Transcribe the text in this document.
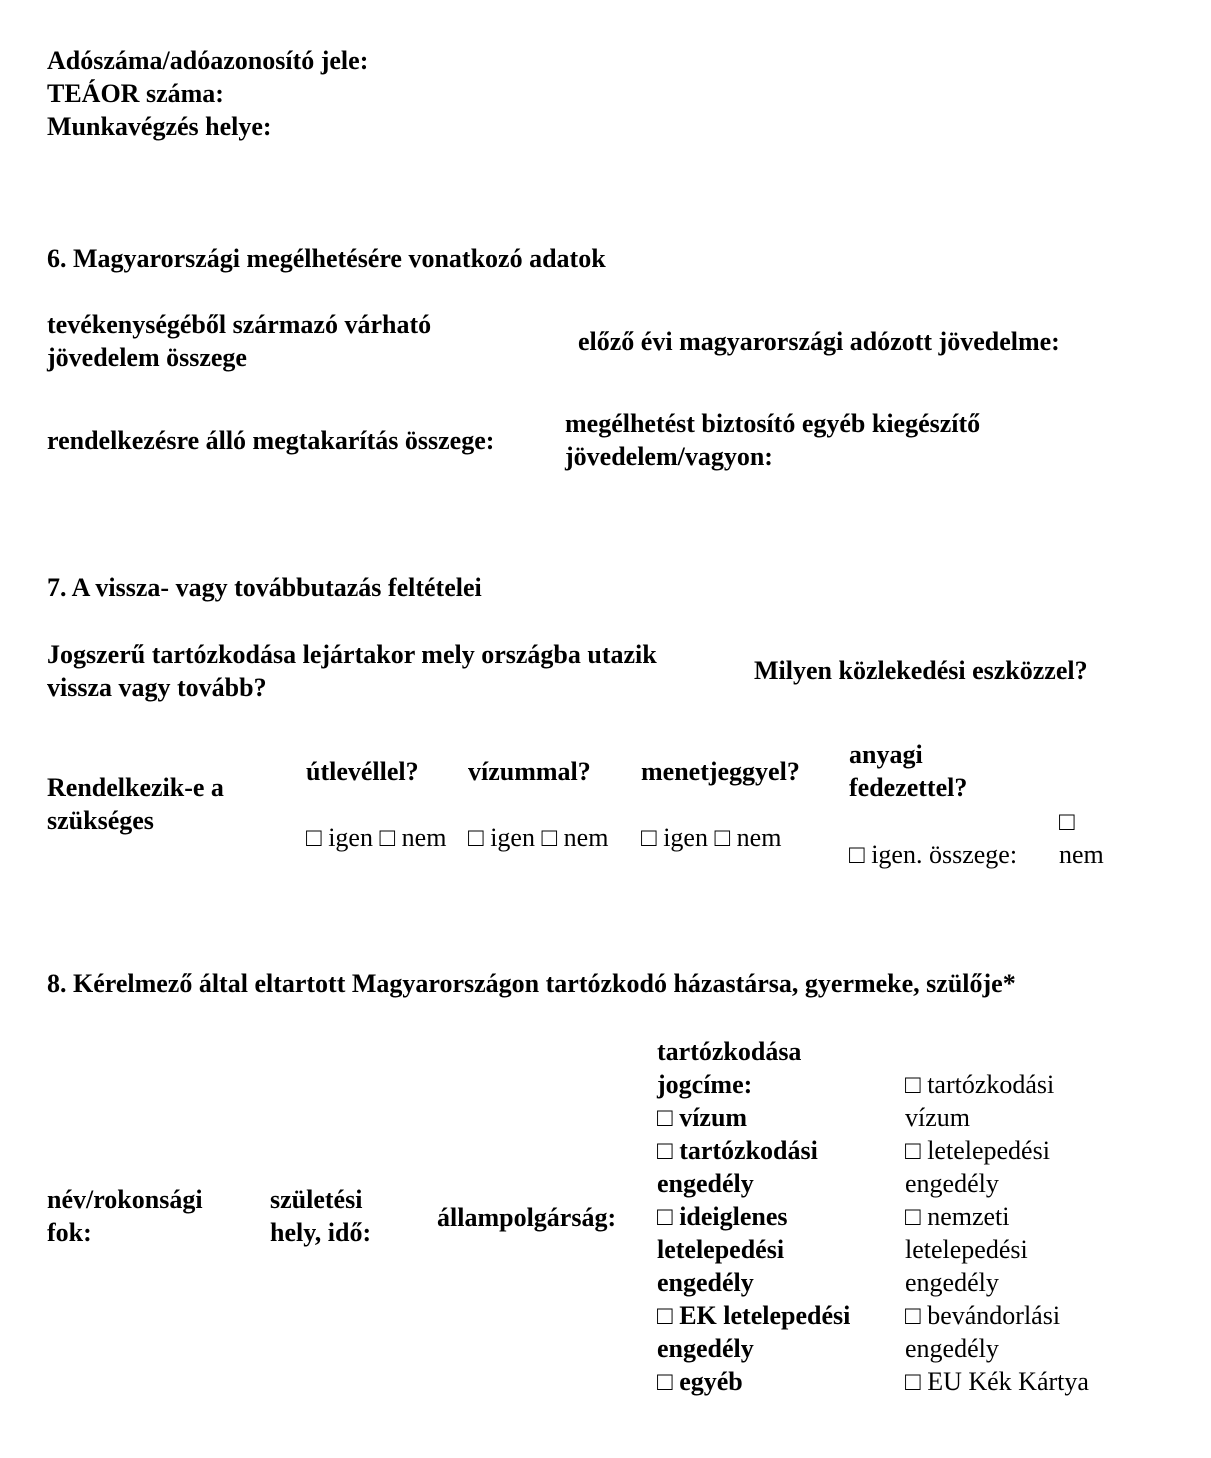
Adószáma/adóazonosító jele:
TEÁOR száma:
Munkavégzés helye:
6. Magyarországi megélhetésére vonatkozó adatok
tevékenységéből származó várható
jövedelem összege
előző évi magyarországi adózott jövedelme:
rendelkezésre álló megtakarítás összege:
megélhetést biztosító egyéb kiegészítő
jövedelem/vagyon:
7. A vissza- vagy továbbutazás feltételei
Jogszerű tartózkodása lejártakor mely országba utazik
vissza vagy tovább?
Milyen közlekedési eszközzel?
Rendelkezik-e a
szükséges
útlevéllel? vízummal? menetjeggyel?
anyagi
fedezettel?
□ igen □ nem □ igen □ nem □ igen □ nem
□ igen. összege:
□
nem
8. Kérelmező által eltartott Magyarországon tartózkodó házastársa, gyermeke, szülője*
név/rokonsági
fok:
születési
hely, idő:
állampolgárság:
tartózkodása
jogcíme:
□ vízum
□ tartózkodási
engedély
□ ideiglenes
letelepedési
engedély
□ EK letelepedési
engedély
□ egyéb
□ tartózkodási
vízum
□ letelepedési
engedély
□ nemzeti
letelepedési
engedély
□ bevándorlási
engedély
□ EU Kék Kártya
